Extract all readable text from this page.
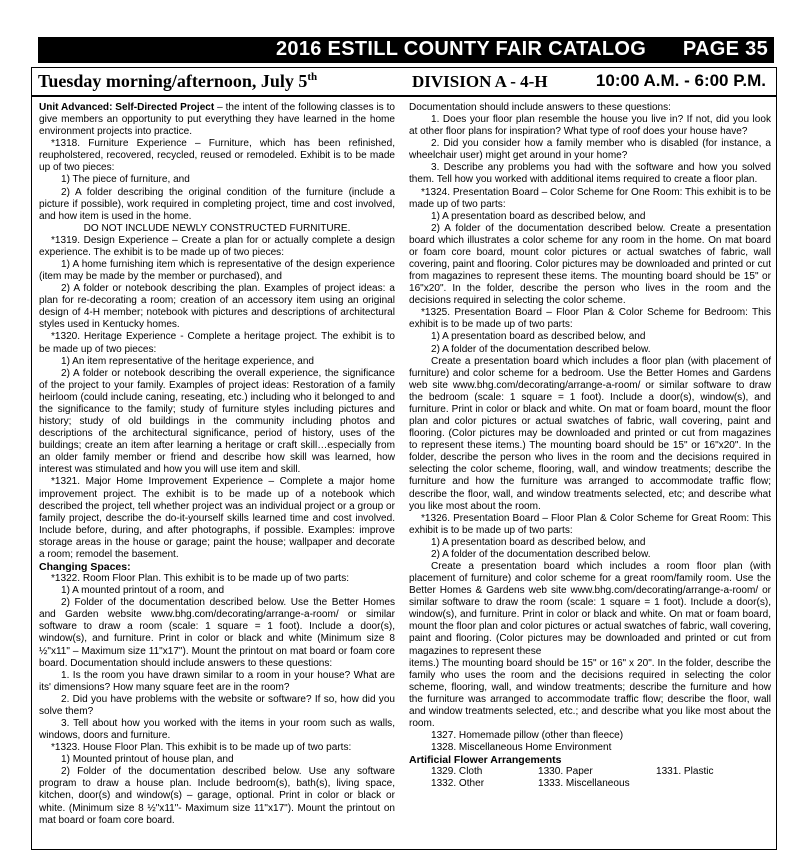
2016 ESTILL COUNTY FAIR CATALOG PAGE 35
Tuesday morning/afternoon, July 5th	DIVISION A - 4-H	10:00 A.M. - 6:00 P.M.

Unit Advanced: Self-Directed Project – the intent of the following classes is to give members an opportunity to put everything they have learned in the home environment projects into practice.

*1318. Furniture Experience – Furniture, which has been refinished, reupholstered, recovered, recycled, reused or remodeled. Exhibit is to be made up of two pieces:

1) The piece of furniture, and

2) A folder describing the original condition of the furniture (include a picture if possible), work required in completing project, time and cost involved, and how item is used in the home.

DO NOT INCLUDE NEWLY CONSTRUCTED FURNITURE.

*1319. Design Experience – Create a plan for or actually complete a design experience. The exhibit is to be made up of two pieces:

1) A home furnishing item which is representative of the design experience (item may be made by the member or purchased), and

2) A folder or notebook describing the plan. Examples of project ideas: a plan for re-decorating a room; creation of an accessory item using an original design of 4-H member; notebook with pictures and descriptions of architectural styles used in Kentucky homes.

*1320. Heritage Experience - Complete a heritage project. The exhibit is to be made up of two pieces:

1) An item representative of the heritage experience, and

2) A folder or notebook describing the overall experience, the significance of the project to your family. Examples of project ideas: Restoration of a family heirloom (could include caning, reseating, etc.) including who it belonged to and the significance to the family; study of furniture styles including pictures and history; study of old buildings in the community including photos and descriptions of the architectural significance, period of history, uses of the buildings; create an item after learning a heritage or craft skill…especially from an older family member or friend and describe how skill was learned, how interest was stimulated and how you will use item and skill.

*1321. Major Home Improvement Experience – Complete a major home improvement project. The exhibit is to be made up of a notebook which described the project, tell whether project was an individual project or a group or family project, describe the do-it-yourself skills learned time and cost involved. Include before, during, and after photographs, if possible. Examples: improve storage areas in the house or garage; paint the house; wallpaper and decorate a room; remodel the basement.

Changing Spaces:

*1322. Room Floor Plan. This exhibit is to be made up of two parts:

1) A mounted printout of a room, and

2) Folder of the documentation described below. Use the Better Homes and Garden website www.bhg.com/decorating/arrange-a-room/ or similar software to draw a room (scale: 1 square = 1 foot). Include a door(s), window(s), and furniture. Print in color or black and white (Minimum size 8 ½"x11" – Maximum size 11"x17"). Mount the printout on mat board or foam core board. Documentation should include answers to these questions:

1. Is the room you have drawn similar to a room in your house? What are its' dimensions? How many square feet are in the room?

2. Did you have problems with the website or software? If so, how did you solve them?

3. Tell about how you worked with the items in your room such as walls, windows, doors and furniture.

*1323. House Floor Plan. This exhibit is to be made up of two parts:

1) Mounted printout of house plan, and

2) Folder of the documentation described below. Use any software program to draw a house plan. Include bedroom(s), bath(s), living space, kitchen, door(s) and window(s) – garage, optional. Print in color or black or white. (Minimum size 8 ½"x11"- Maximum size 11"x17"). Mount the printout on mat board or foam core board.

Documentation should include answers to these questions:

1. Does your floor plan resemble the house you live in? If not, did you look at other floor plans for inspiration? What type of roof does your house have?

2. Did you consider how a family member who is disabled (for instance, a wheelchair user) might get around in your home?

3. Describe any problems you had with the software and how you solved them. Tell how you worked with additional items required to create a floor plan.

*1324. Presentation Board – Color Scheme for One Room: This exhibit is to be made up of two parts:

1) A presentation board as described below, and

2) A folder of the documentation described below. Create a presentation board which illustrates a color scheme for any room in the home. On mat board or foam core board, mount color pictures or actual swatches of fabric, wall covering, paint and flooring. Color pictures may be downloaded and printed or cut from magazines to represent these items. The mounting board should be 15" or 16"x20". In the folder, describe the person who lives in the room and the decisions required in selecting the color scheme.

*1325. Presentation Board – Floor Plan & Color Scheme for Bedroom: This exhibit is to be made up of two parts:

1) A presentation board as described below, and

2) A folder of the documentation described below.

Create a presentation board which includes a floor plan (with placement of furniture) and color scheme for a bedroom. Use the Better Homes and Gardens web site www.bhg.com/decorating/arrange-a-room/ or similar software to draw the bedroom (scale: 1 square = 1 foot). Include a door(s), window(s), and furniture. Print in color or black and white. On mat or foam board, mount the floor plan and color pictures or actual swatches of fabric, wall covering, paint and flooring. (Color pictures may be downloaded and printed or cut from magazines to represent these items.) The mounting board should be 15" or 16"x20". In the folder, describe the person who lives in the room and the decisions required in selecting the color scheme, flooring, wall, and window treatments; describe the furniture and how the furniture was arranged to accommodate traffic flow; describe the floor, wall, and window treatments selected, etc; and describe what you like most about the room.

*1326. Presentation Board – Floor Plan & Color Scheme for Great Room: This exhibit is to be made up of two parts:

1) A presentation board as described below, and

2) A folder of the documentation described below.

Create a presentation board which includes a room floor plan (with placement of furniture) and color scheme for a great room/family room. Use the Better Homes & Gardens web site www.bhg.com/decorating/arrange-a-room/ or similar software to draw the room (scale: 1 square = 1 foot). Include a door(s), window(s), and furniture. Print in color or black and white. On mat or foam board, mount the floor plan and color pictures or actual swatches of fabric, wall covering, paint and flooring. (Color pictures may be downloaded and printed or cut from magazines to represent these

items.) The mounting board should be 15" or 16" x 20". In the folder, describe the family who uses the room and the decisions required in selecting the color scheme, flooring, wall, and window treatments; describe the furniture and how the furniture was arranged to accommodate traffic flow; describe the floor, wall and window treatments selected, etc.; and describe what you like most about the room.

1327. Homemade pillow (other than fleece)

1328. Miscellaneous Home Environment

Artificial Flower Arrangements

1329. Cloth	1330. Paper	1331. Plastic
1332. Other	1333. Miscellaneous
